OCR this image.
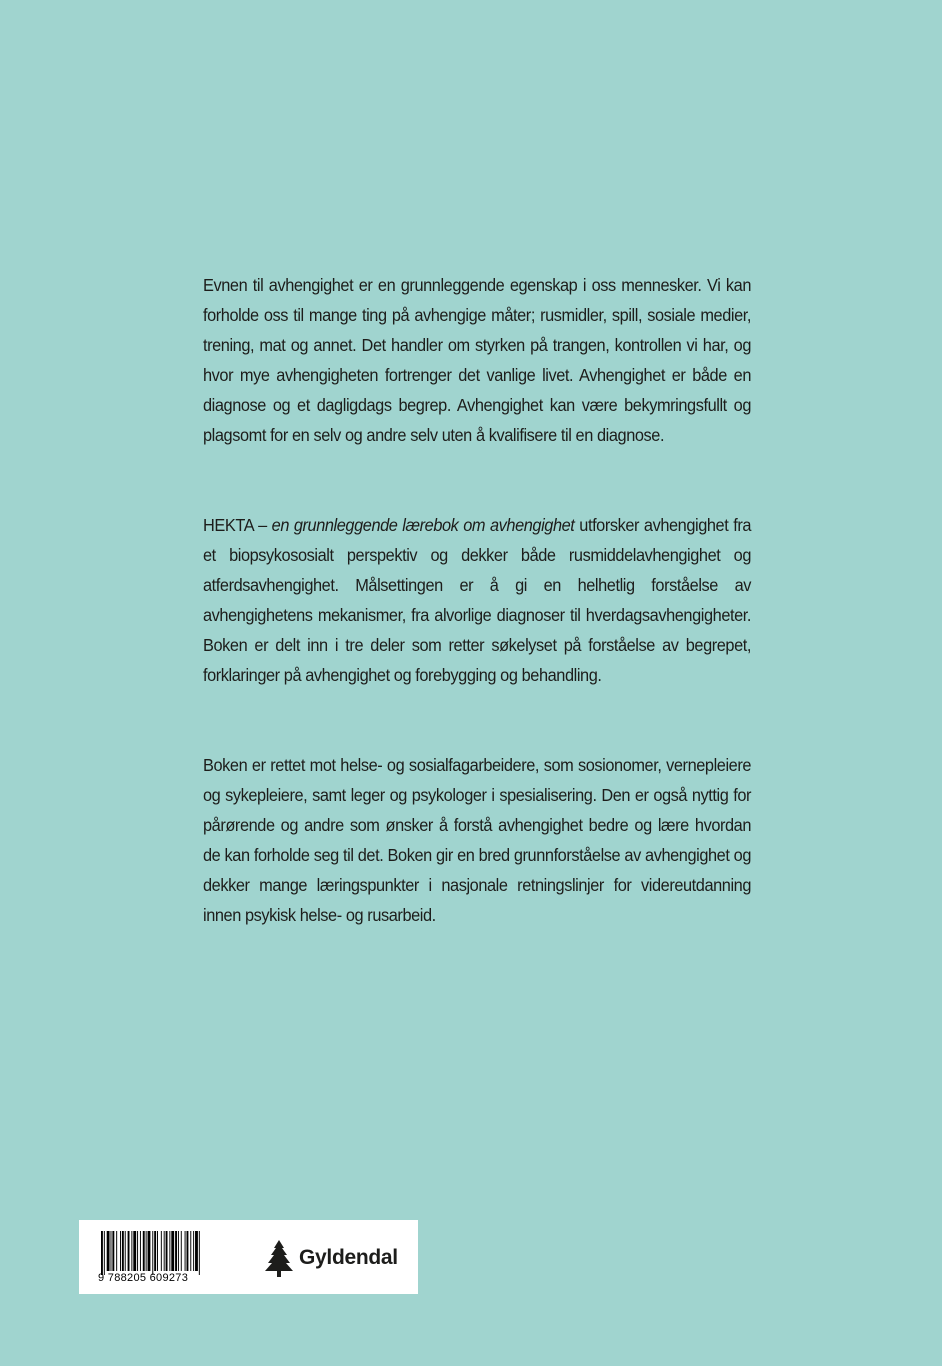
Evnen til avhengighet er en grunnleggende egenskap i oss mennesker. Vi kan forholde oss til mange ting på avhengige måter; rusmidler, spill, sosiale medier, trening, mat og annet. Det handler om styrken på trangen, kontrollen vi har, og hvor mye avhengigheten fortrenger det vanlige livet. Avhengighet er både en diagnose og et dagligdags begrep. Avhengighet kan være bekymringsfullt og plagsomt for en selv og andre selv uten å kvalifisere til en diagnose.

HEKTA – en grunnleggende lærebok om avhengighet utforsker avhengighet fra et biopsykososialt perspektiv og dekker både rusmiddelavhengighet og atferdsavhengighet. Målsettingen er å gi en helhetlig forståelse av avhengighetens mekanismer, fra alvorlige diagnoser til hverdagsavhengigheter. Boken er delt inn i tre deler som retter søkelyset på forståelse av begrepet, forklaringer på avhengighet og forebygging og behandling.

Boken er rettet mot helse- og sosialfagarbeidere, som sosionomer, vernepleiere og sykepleiere, samt leger og psykologer i spesialisering. Den er også nyttig for pårørende og andre som ønsker å forstå avhengighet bedre og lære hvordan de kan forholde seg til det. Boken gir en bred grunnforståelse av avhengighet og dekker mange læringspunkter i nasjonale retningslinjer for videreutdanning innen psykisk helse- og rusarbeid.

9 788205 609273
Gyldendal
